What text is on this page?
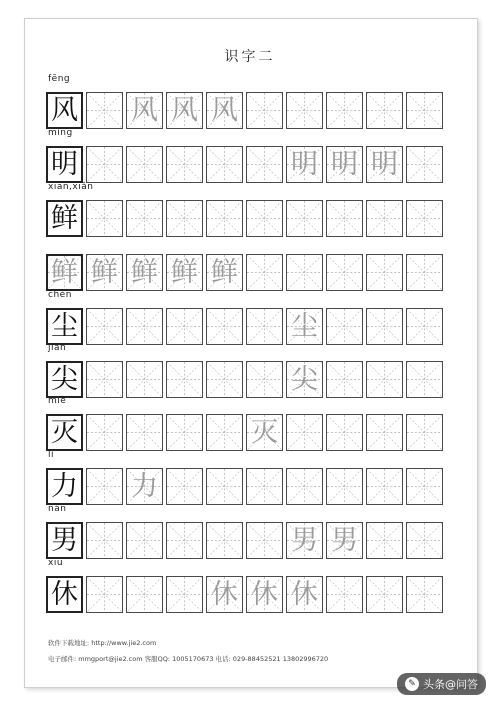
识字二
fēng
风 风 风 风
míng
明	明 明 明
xiān,xiǎn
鲜
鲜 鲜 鲜 鲜 鲜
chén
尘	尘
jiān
尖	尖
miè
灭	灭
lì
力 力
nán
男	男 男
xiū
休	休 休 休
软件下载地址: http://www.jie2.com
电子邮件: mmgport@jie2.com 客服QQ: 1005170673 电话: 029-88452521 13802996720
✎ 头条@问答
